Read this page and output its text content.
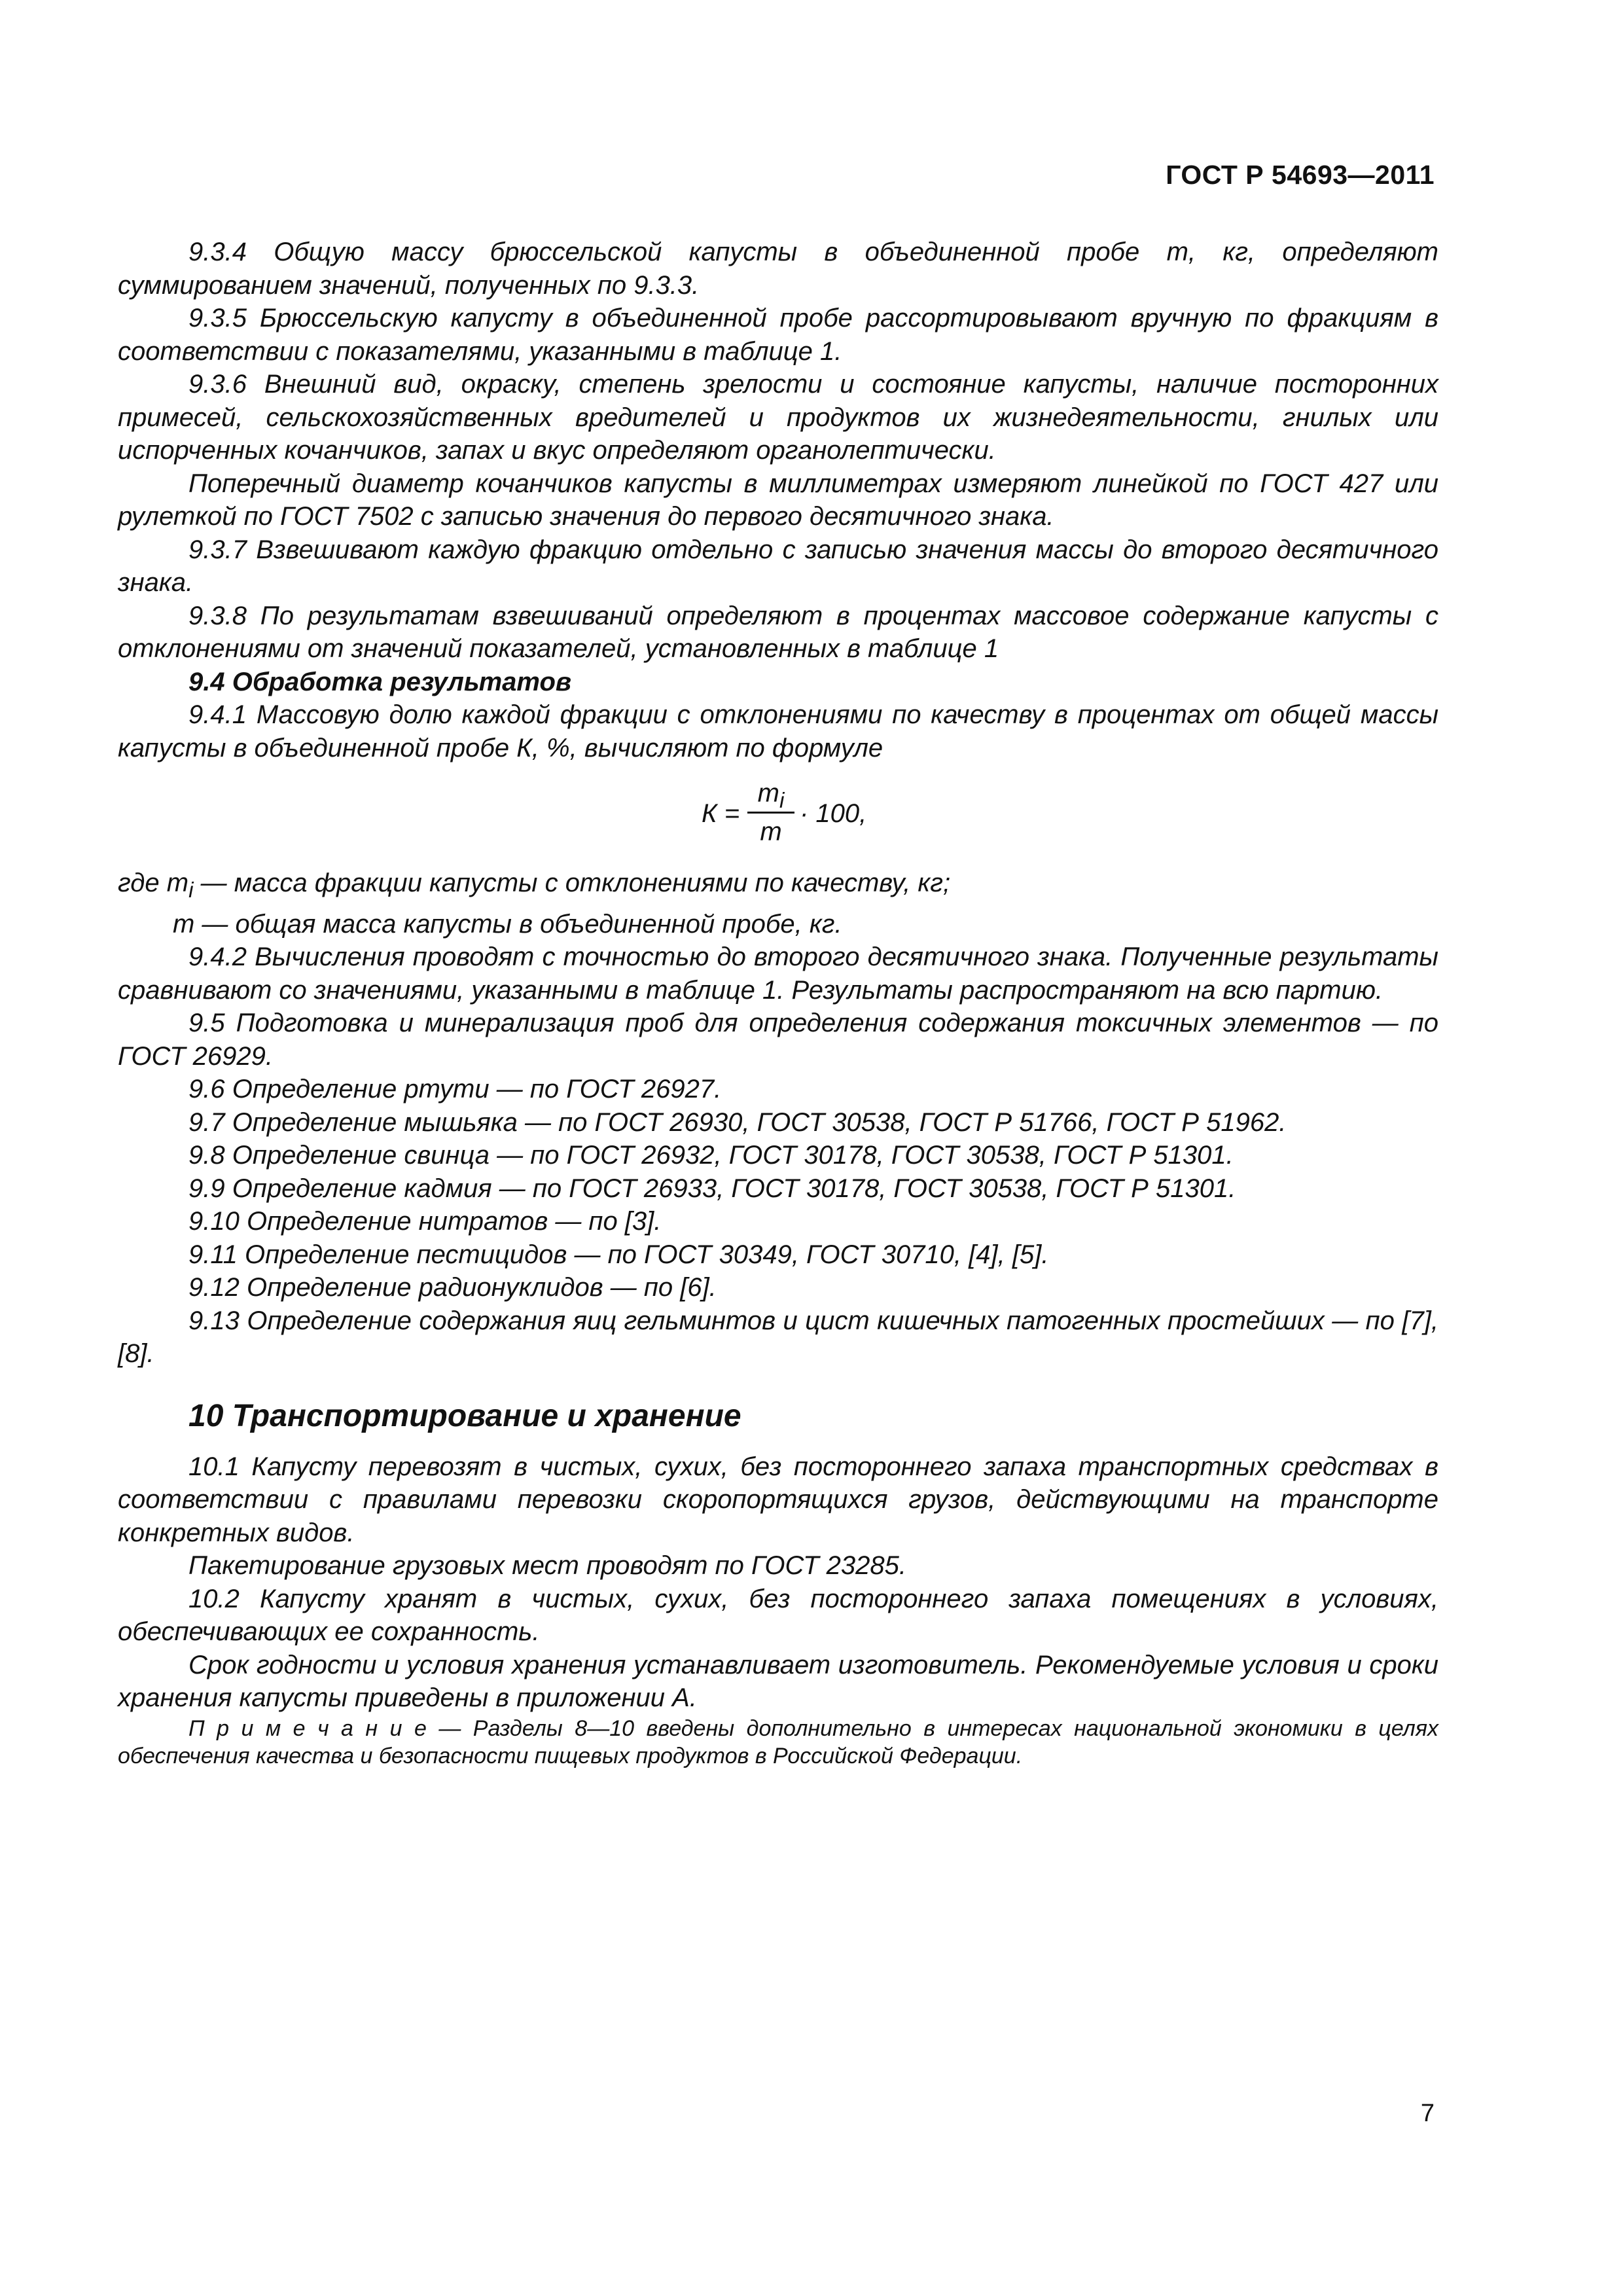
ГОСТ Р 54693—2011

9.3.4 Общую массу брюссельской капусты в объединенной пробе m, кг, определяют суммированием значений, полученных по 9.3.3.

9.3.5 Брюссельскую капусту в объединенной пробе рассортировывают вручную по фракциям в соответствии с показателями, указанными в таблице 1.

9.3.6 Внешний вид, окраску, степень зрелости и состояние капусты, наличие посторонних примесей, сельскохозяйственных вредителей и продуктов их жизнедеятельности, гнилых или испорченных кочанчиков, запах и вкус определяют органолептически.

Поперечный диаметр кочанчиков капусты в миллиметрах измеряют линейкой по ГОСТ 427 или рулеткой по ГОСТ 7502 с записью значения до первого десятичного знака.

9.3.7 Взвешивают каждую фракцию отдельно с записью значения массы до второго десятичного знака.

9.3.8 По результатам взвешиваний определяют в процентах массовое содержание капусты с отклонениями от значений показателей, установленных в таблице 1

9.4 Обработка результатов

9.4.1 Массовую долю каждой фракции с отклонениями по качеству в процентах от общей массы капусты в объединенной пробе К, %, вычисляют по формуле

К =
$m_i$
m
· 100,

где $m_i$ — масса фракции капусты с отклонениями по качеству, кг;

m — общая масса капусты в объединенной пробе, кг.

9.4.2 Вычисления проводят с точностью до второго десятичного знака. Полученные результаты сравнивают со значениями, указанными в таблице 1. Результаты распространяют на всю партию.

9.5 Подготовка и минерализация проб для определения содержания токсичных элементов — по ГОСТ 26929.

9.6 Определение ртути — по ГОСТ 26927.

9.7 Определение мышьяка — по ГОСТ 26930, ГОСТ 30538, ГОСТ Р 51766, ГОСТ Р 51962.

9.8 Определение свинца — по ГОСТ 26932, ГОСТ 30178, ГОСТ 30538, ГОСТ Р 51301.

9.9 Определение кадмия — по ГОСТ 26933, ГОСТ 30178, ГОСТ 30538, ГОСТ Р 51301.

9.10 Определение нитратов — по [3].

9.11 Определение пестицидов — по ГОСТ 30349, ГОСТ 30710, [4], [5].

9.12 Определение радионуклидов — по [6].

9.13 Определение содержания яиц гельминтов и цист кишечных патогенных простейших — по [7], [8].

10 Транспортирование и хранение

10.1 Капусту перевозят в чистых, сухих, без постороннего запаха транспортных средствах в соответствии с правилами перевозки скоропортящихся грузов, действующими на транспорте конкретных видов.

Пакетирование грузовых мест проводят по ГОСТ 23285.

10.2 Капусту хранят в чистых, сухих, без постороннего запаха помещениях в условиях, обеспечивающих ее сохранность.

Срок годности и условия хранения устанавливает изготовитель. Рекомендуемые условия и сроки хранения капусты приведены в приложении А.

П р и м е ч а н и е — Разделы 8—10 введены дополнительно в интересах национальной экономики в целях обеспечения качества и безопасности пищевых продуктов в Российской Федерации.

7
